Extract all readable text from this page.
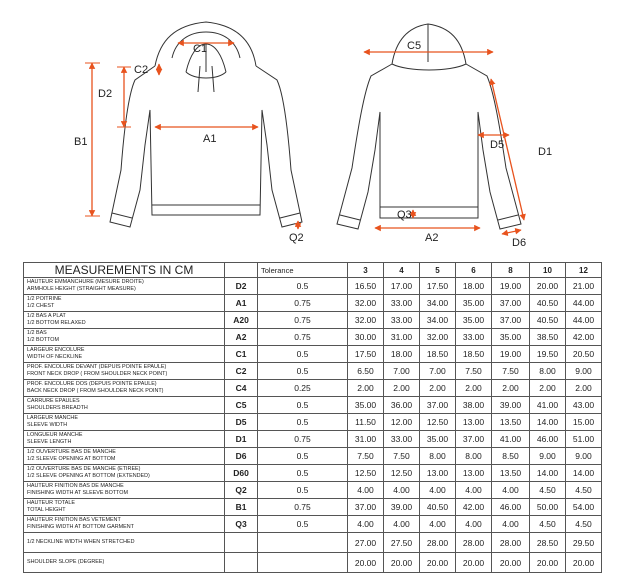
C1
C2
D2
B1	A1
Q2
C5
D5
D1
Q3
A2	D6
MEASUREMENTS IN CM		Tolerance	3	4	5	6	8	10	12

HAUTEUR EMMANCHURE (MESURE DROITE)
ARMHOLE HEIGHT (STRAIGHT MEASURE)	D2	0.5	16.50	17.00	17.50	18.00	19.00	20.00	21.00

1/2 POITRINE
1/2 CHEST	A1	0.75	32.00	33.00	34.00	35.00	37.00	40.50	44.00

1/2 BAS A PLAT
1/2 BOTTOM RELAXED	A20	0.75	32.00	33.00	34.00	35.00	37.00	40.50	44.00

1/2 BAS
1/2 BOTTOM	A2	0.75	30.00	31.00	32.00	33.00	35.00	38.50	42.00

LARGEUR ENCOLURE
WIDTH OF NECKLINE	C1	0.5	17.50	18.00	18.50	18.50	19.00	19.50	20.50

PROF. ENCOLURE DEVANT (DEPUIS POINTE EPAULE)
FRONT NECK DROP ( FROM SHOULDER NECK POINT)	C2	0.5	6.50	7.00	7.00	7.50	7.50	8.00	9.00

PROF. ENCOLURE DOS (DEPUIS POINTE EPAULE)
BACK NECK DROP ( FROM SHOULDER NECK POINT)	C4	0.25	2.00	2.00	2.00	2.00	2.00	2.00	2.00

CARRURE EPAULES
SHOULDERS BREADTH	C5	0.5	35.00	36.00	37.00	38.00	39.00	41.00	43.00

LARGEUR MANCHE
SLEEVE WIDTH	D5	0.5	11.50	12.00	12.50	13.00	13.50	14.00	15.00

LONGUEUR MANCHE
SLEEVE LENGTH	D1	0.75	31.00	33.00	35.00	37.00	41.00	46.00	51.00

1/2 OUVERTURE BAS DE MANCHE
1/2 SLEEVE OPENING AT BOTTOM	D6	0.5	7.50	7.50	8.00	8.00	8.50	9.00	9.00

1/2 OUVERTURE BAS DE MANCHE (ETIREE)
1/2 SLEEVE OPENING AT BOTTOM (EXTENDED)	D60	0.5	12.50	12.50	13.00	13.00	13.50	14.00	14.00

HAUTEUR FINITION BAS DE MANCHE
FINISHING WIDTH AT SLEEVE BOTTOM	Q2	0.5	4.00	4.00	4.00	4.00	4.00	4.50	4.50

HAUTEUR TOTALE
TOTAL HEIGHT	B1	0.75	37.00	39.00	40.50	42.00	46.00	50.00	54.00

HAUTEUR FINITION BAS VETEMENT
FINISHING WIDTH AT BOTTOM GARMENT	Q3	0.5	4.00	4.00	4.00	4.00	4.00	4.50	4.50

1/2 NECKLINE WIDTH WHEN STRETCHED			27.00	27.50	28.00	28.00	28.00	28.50	29.50

SHOULDER SLOPE (DEGREE)			20.00	20.00	20.00	20.00	20.00	20.00	20.00
